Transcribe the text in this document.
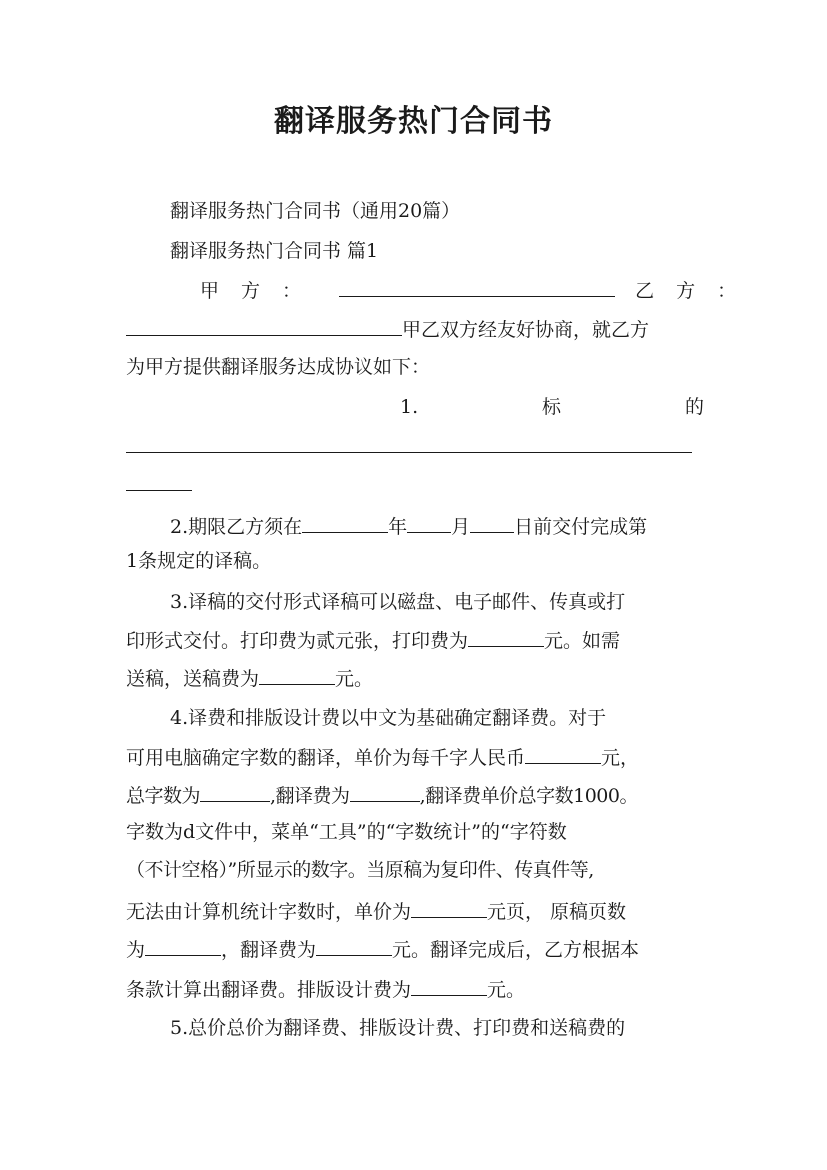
翻译服务热门合同书
翻译服务热门合同书（通用20篇）
翻译服务热门合同书 篇1
甲方：	乙方：
甲乙双方经友好协商，就乙方
为甲方提供翻译服务达成协议如下：
1.	标	的
2.期限乙方须在	年 月 日前交付完成第
1条规定的译稿。
3.译稿的交付形式译稿可以磁盘、电子邮件、传真或打
印形式交付。打印费为贰元张，打印费为	元。如需
送稿，送稿费为	元。
4.译费和排版设计费以中文为基础确定翻译费。对于
可用电脑确定字数的翻译，单价为每千字人民币	元，
总字数为	,翻译费为	,翻译费单价总字数1000。
字数为d文件中，菜单“工具”的“字数统计”的“字符数
（不计空格）”所显示的数字。当原稿为复印件、传真件等,
无法由计算机统计字数时，单价为	元页， 原稿页数
为	，翻译费为	元。翻译完成后，乙方根据本
条款计算出翻译费。排版设计费为	元。
5.总价总价为翻译费、排版设计费、打印费和送稿费的
